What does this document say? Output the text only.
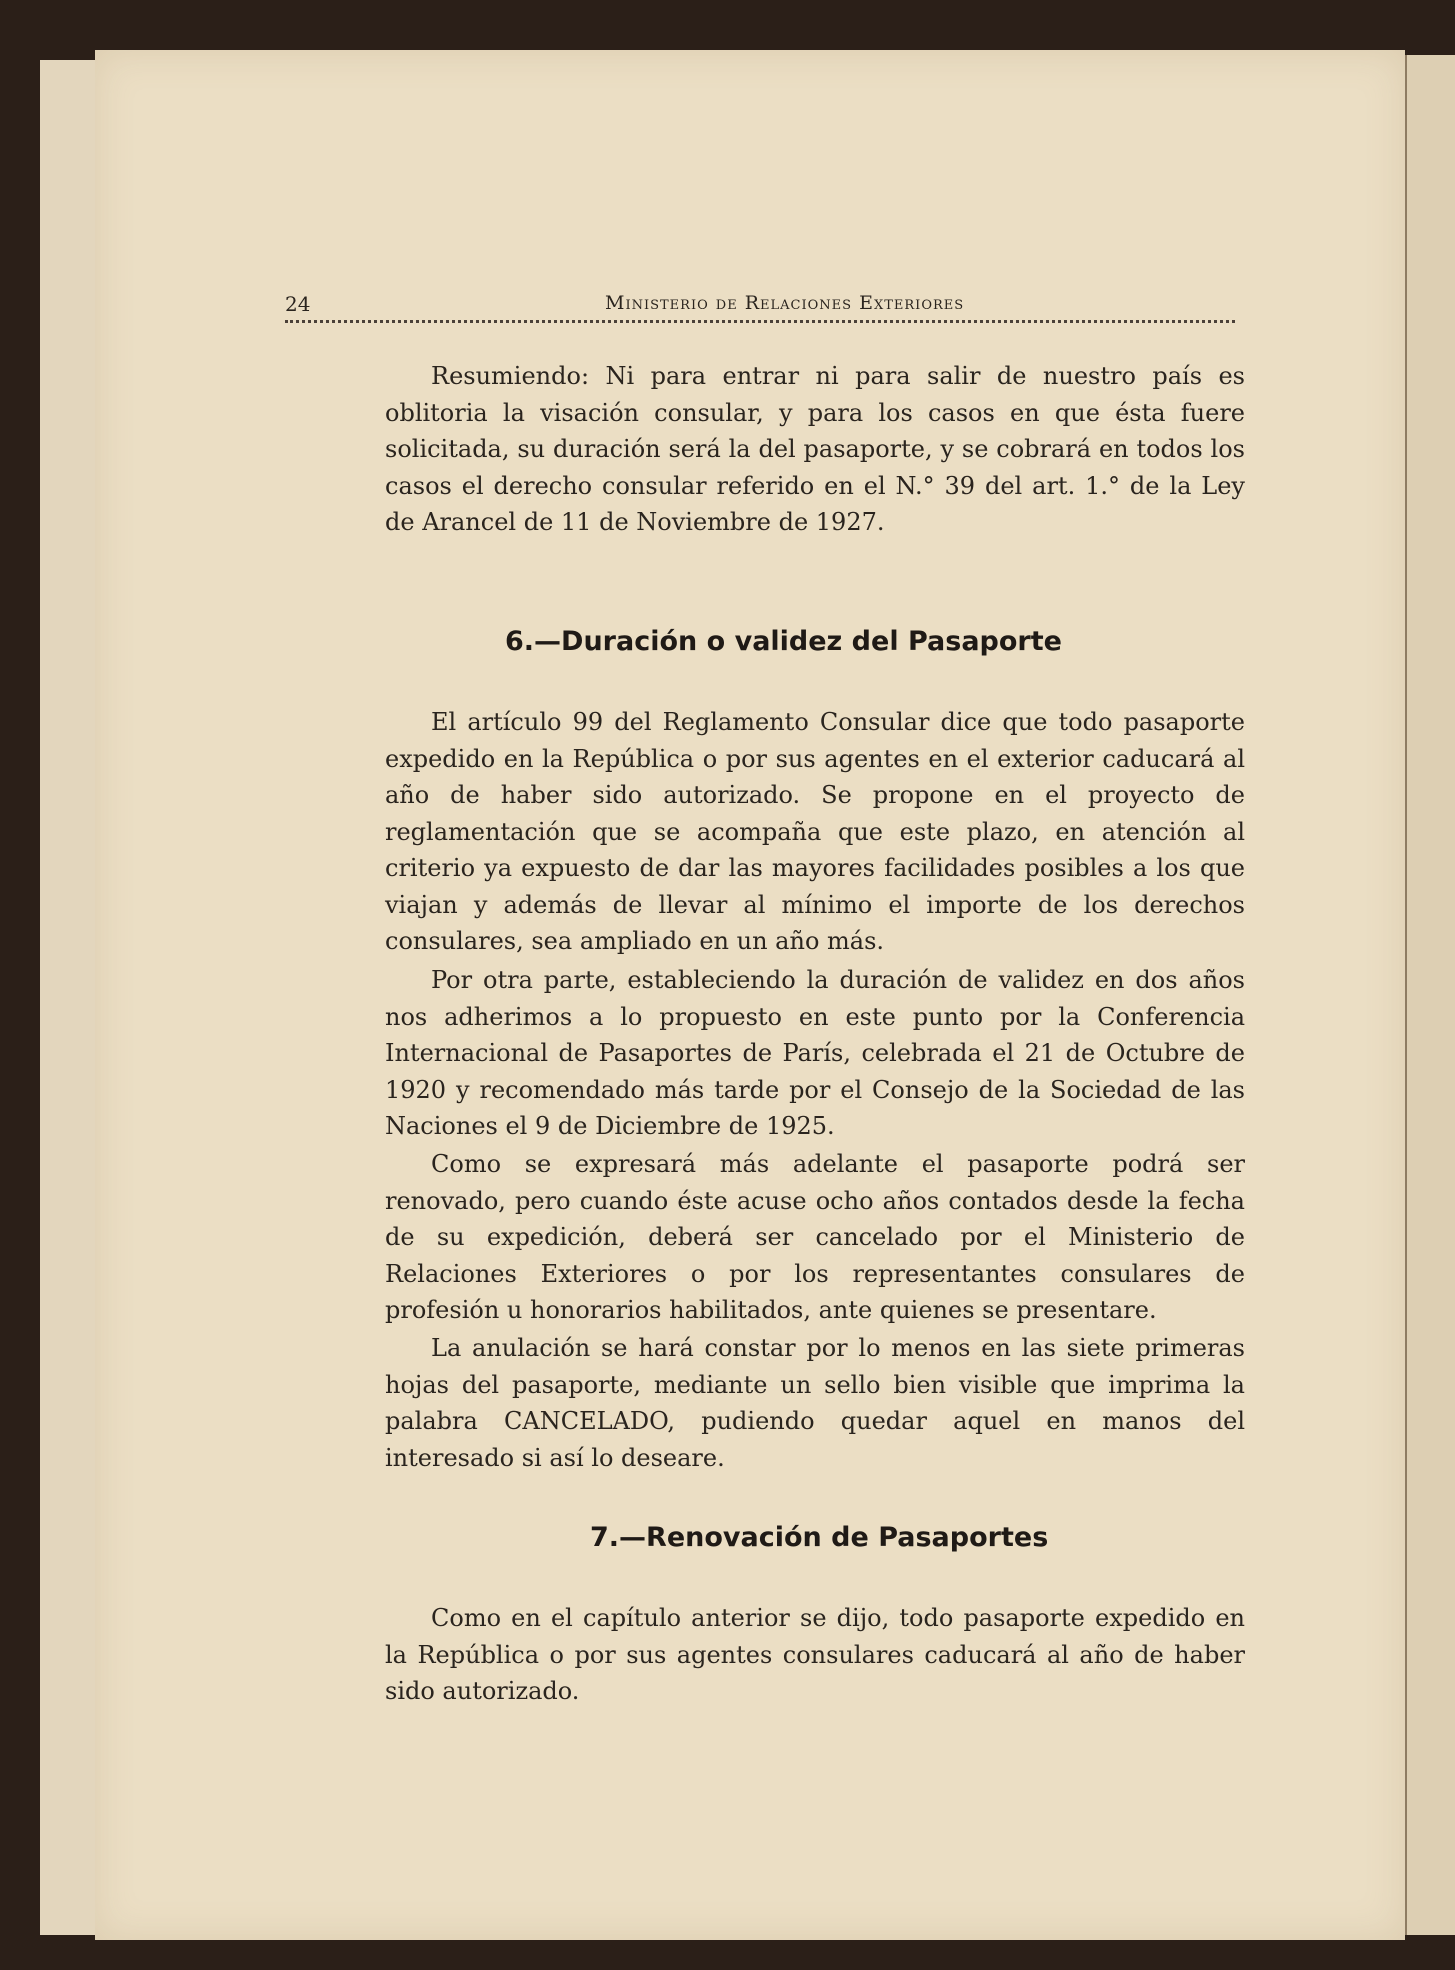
24	Ministerio de Relaciones Exteriores

Resumiendo: Ni para entrar ni para salir de nuestro país es oblitoria la visación consular, y para los casos en que ésta fuere solicitada, su duración será la del pasaporte, y se cobrará en todos los casos el derecho consular referido en el N.° 39 del art. 1.° de la Ley de Arancel de 11 de Noviembre de 1927.

6.—Duración o validez del Pasaporte

El artículo 99 del Reglamento Consular dice que todo pasaporte expedido en la República o por sus agentes en el exterior caducará al año de haber sido autorizado. Se propone en el proyecto de reglamentación que se acompaña que este plazo, en atención al criterio ya expuesto de dar las mayores facilidades posibles a los que viajan y además de llevar al mínimo el importe de los derechos consulares, sea ampliado en un año más.

Por otra parte, estableciendo la duración de validez en dos años nos adherimos a lo propuesto en este punto por la Conferencia Internacional de Pasaportes de París, celebrada el 21 de Octubre de 1920 y recomendado más tarde por el Consejo de la Sociedad de las Naciones el 9 de Diciembre de 1925.

Como se expresará más adelante el pasaporte podrá ser renovado, pero cuando éste acuse ocho años contados desde la fecha de su expedición, deberá ser cancelado por el Ministerio de Relaciones Exteriores o por los representantes consulares de profesión u honorarios habilitados, ante quienes se presentare.

La anulación se hará constar por lo menos en las siete primeras hojas del pasaporte, mediante un sello bien visible que imprima la palabra CANCELADO, pudiendo quedar aquel en manos del interesado si así lo deseare.

7.—Renovación de Pasaportes

Como en el capítulo anterior se dijo, todo pasaporte expedido en la República o por sus agentes consulares caducará al año de haber sido autorizado.
